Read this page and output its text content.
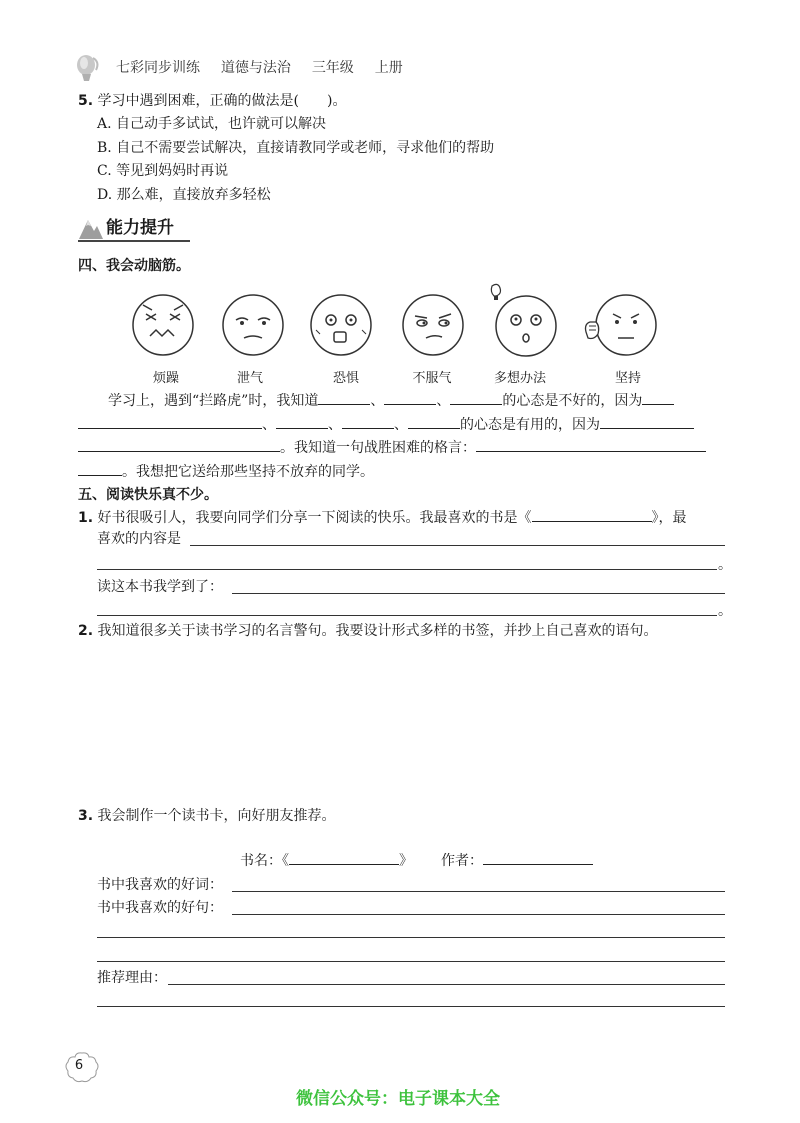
七彩同步训练 道德与法治 三年级 上册
5. 学习中遇到困难，正确的做法是(　　)。
A. 自己动手多试试，也许就可以解决
B. 自己不需要尝试解决，直接请教同学或老师，寻求他们的帮助
C. 等见到妈妈时再说
D. 那么难，直接放弃多轻松
能力提升
四、我会动脑筋。
烦躁	泄气	恐惧	不服气	多想办法	坚持
学习上，遇到“拦路虎”时，我知道	、	、	的心态是不好的，因为
、	、	、	的心态是有用的，因为
。我知道一句战胜困难的格言：
。我想把它送给那些坚持不放弃的同学。
五、阅读快乐真不少。
1. 好书很吸引人，我要向同学们分享一下阅读的快乐。我最喜欢的书是《	》，最
喜欢的内容是
。
读这本书我学到了：
。
2. 我知道很多关于读书学习的名言警句。我要设计形式多样的书签，并抄上自己喜欢的语句。
3. 我会制作一个读书卡，向好朋友推荐。
书名：《	》 作者：
书中我喜欢的好词：
书中我喜欢的好句：
推荐理由：
6
微信公众号：电子课本大全
